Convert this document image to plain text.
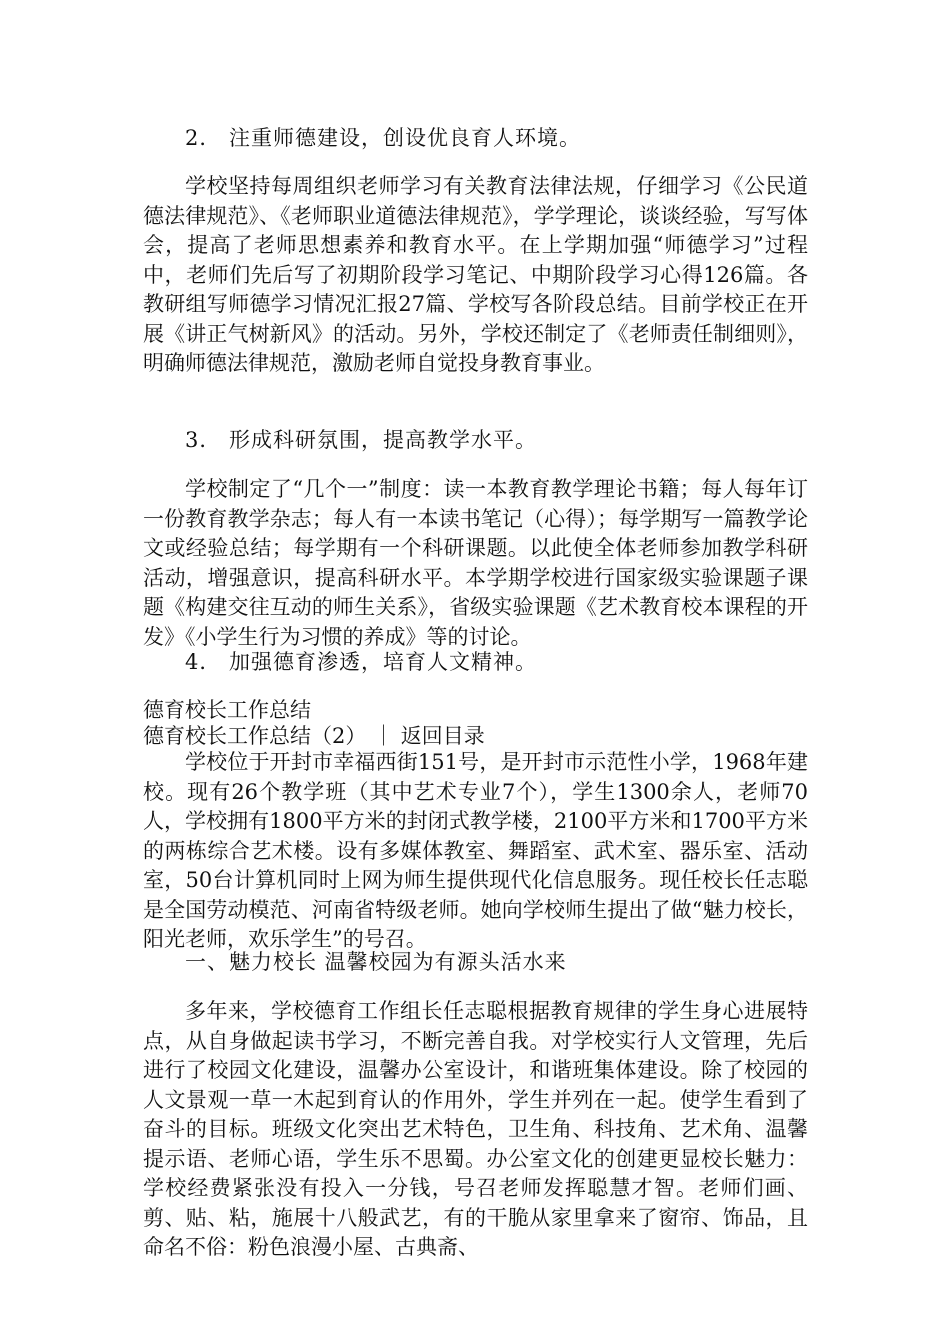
2． 注重师德建设，创设优良育人环境。

学校坚持每周组织老师学习有关教育法律法规，仔细学习《公民道德法律规范》、《老师职业道德法律规范》，学学理论，谈谈经验，写写体会，提高了老师思想素养和教育水平。在上学期加强“师德学习”过程中，老师们先后写了初期阶段学习笔记、中期阶段学习心得126篇。各教研组写师德学习情况汇报27篇、学校写各阶段总结。目前学校正在开展《讲正气树新风》的活动。另外，学校还制定了《老师责任制细则》，明确师德法律规范，激励老师自觉投身教育事业。

3． 形成科研氛围，提高教学水平。

学校制定了“几个一”制度：读一本教育教学理论书籍；每人每年订一份教育教学杂志；每人有一本读书笔记（心得）；每学期写一篇教学论文或经验总结；每学期有一个科研课题。以此使全体老师参加教学科研活动，增强意识，提高科研水平。本学期学校进行国家级实验课题子课题《构建交往互动的师生关系》，省级实验课题《艺术教育校本课程的开发》《小学生行为习惯的养成》等的讨论。

4． 加强德育渗透，培育人文精神。

德育校长工作总结

德育校长工作总结（2） ｜ 返回目录

学校位于开封市幸福西街151号，是开封市示范性小学，1968年建校。现有26个教学班（其中艺术专业7个），学生1300余人，老师70人，学校拥有1800平方米的封闭式教学楼，2100平方米和1700平方米的两栋综合艺术楼。设有多媒体教室、舞蹈室、武术室、器乐室、活动室，50台计算机同时上网为师生提供现代化信息服务。现任校长任志聪是全国劳动模范、河南省特级老师。她向学校师生提出了做“魅力校长，阳光老师，欢乐学生”的号召。

一、魅力校长 温馨校园为有源头活水来

多年来，学校德育工作组长任志聪根据教育规律的学生身心进展特点，从自身做起读书学习，不断完善自我。对学校实行人文管理，先后进行了校园文化建设，温馨办公室设计，和谐班集体建设。除了校园的人文景观一草一木起到育认的作用外，学生并列在一起。使学生看到了奋斗的目标。班级文化突出艺术特色，卫生角、科技角、艺术角、温馨提示语、老师心语，学生乐不思蜀。办公室文化的创建更显校长魅力：学校经费紧张没有投入一分钱，号召老师发挥聪慧才智。老师们画、剪、贴、粘，施展十八般武艺，有的干脆从家里拿来了窗帘、饰品，且命名不俗：粉色浪漫小屋、古典斋、
